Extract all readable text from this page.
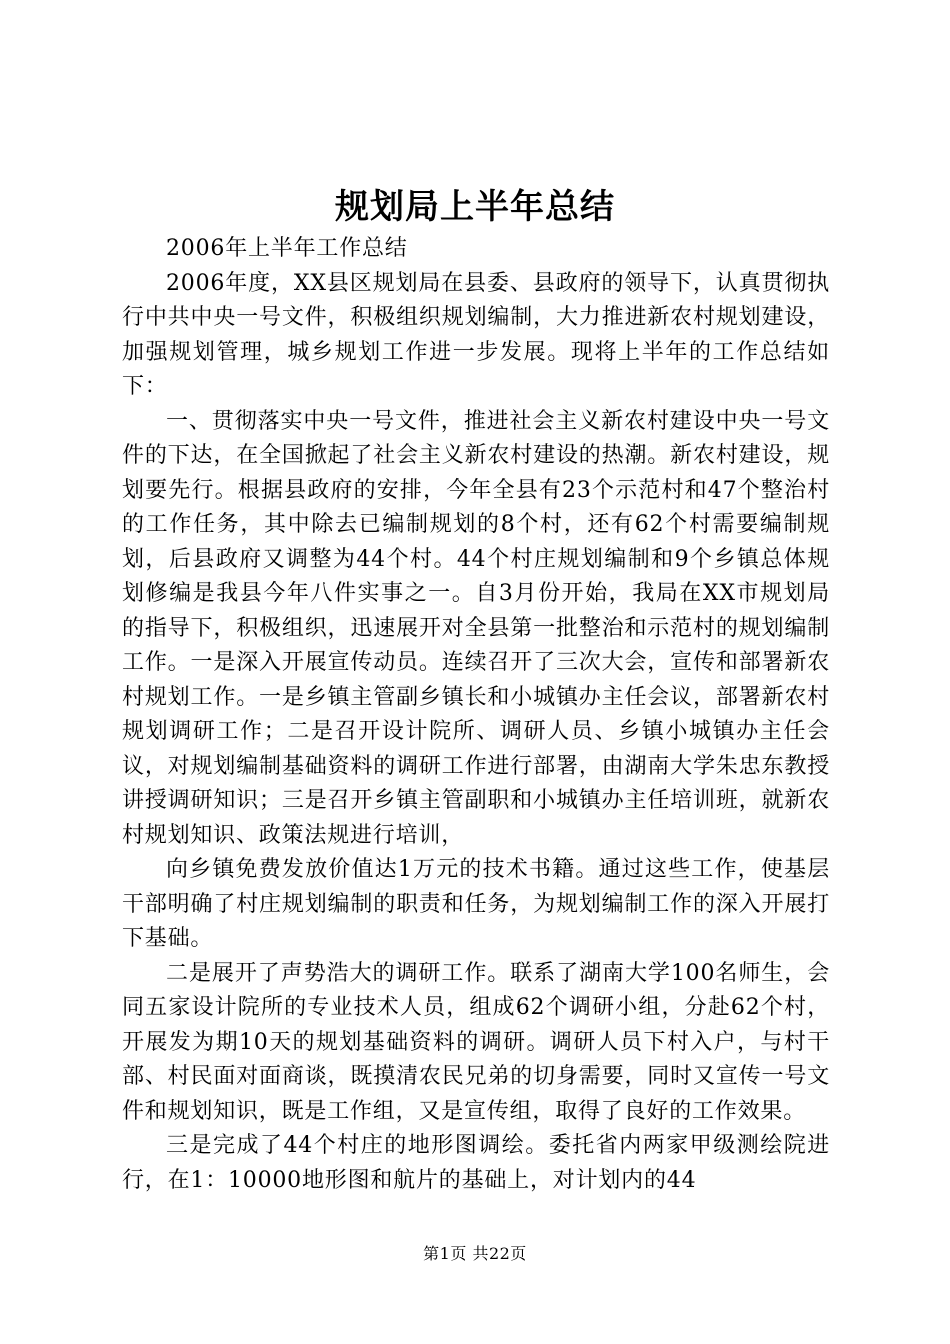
规划局上半年总结

2006年上半年工作总结

2006年度，XX县区规划局在县委、县政府的领导下，认真贯彻执行中共中央一号文件，积极组织规划编制，大力推进新农村规划建设，加强规划管理，城乡规划工作进一步发展。现将上半年的工作总结如下：

一、贯彻落实中央一号文件，推进社会主义新农村建设中央一号文件的下达，在全国掀起了社会主义新农村建设的热潮。新农村建设，规划要先行。根据县政府的安排，今年全县有23个示范村和47个整治村的工作任务，其中除去已编制规划的8个村，还有62个村需要编制规划，后县政府又调整为44个村。44个村庄规划编制和9个乡镇总体规划修编是我县今年八件实事之一。自3月份开始，我局在XX市规划局的指导下，积极组织，迅速展开对全县第一批整治和示范村的规划编制工作。一是深入开展宣传动员。连续召开了三次大会，宣传和部署新农村规划工作。一是乡镇主管副乡镇长和小城镇办主任会议，部署新农村规划调研工作；二是召开设计院所、调研人员、乡镇小城镇办主任会议，对规划编制基础资料的调研工作进行部署，由湖南大学朱忠东教授讲授调研知识；三是召开乡镇主管副职和小城镇办主任培训班，就新农村规划知识、政策法规进行培训，

向乡镇免费发放价值达1万元的技术书籍。通过这些工作，使基层干部明确了村庄规划编制的职责和任务，为规划编制工作的深入开展打下基础。

二是展开了声势浩大的调研工作。联系了湖南大学100名师生，会同五家设计院所的专业技术人员，组成62个调研小组，分赴62个村，开展发为期10天的规划基础资料的调研。调研人员下村入户，与村干部、村民面对面商谈，既摸清农民兄弟的切身需要，同时又宣传一号文件和规划知识，既是工作组，又是宣传组，取得了良好的工作效果。

三是完成了44个村庄的地形图调绘。委托省内两家甲级测绘院进行，在1：10000地形图和航片的基础上，对计划内的44

第1页 共22页
